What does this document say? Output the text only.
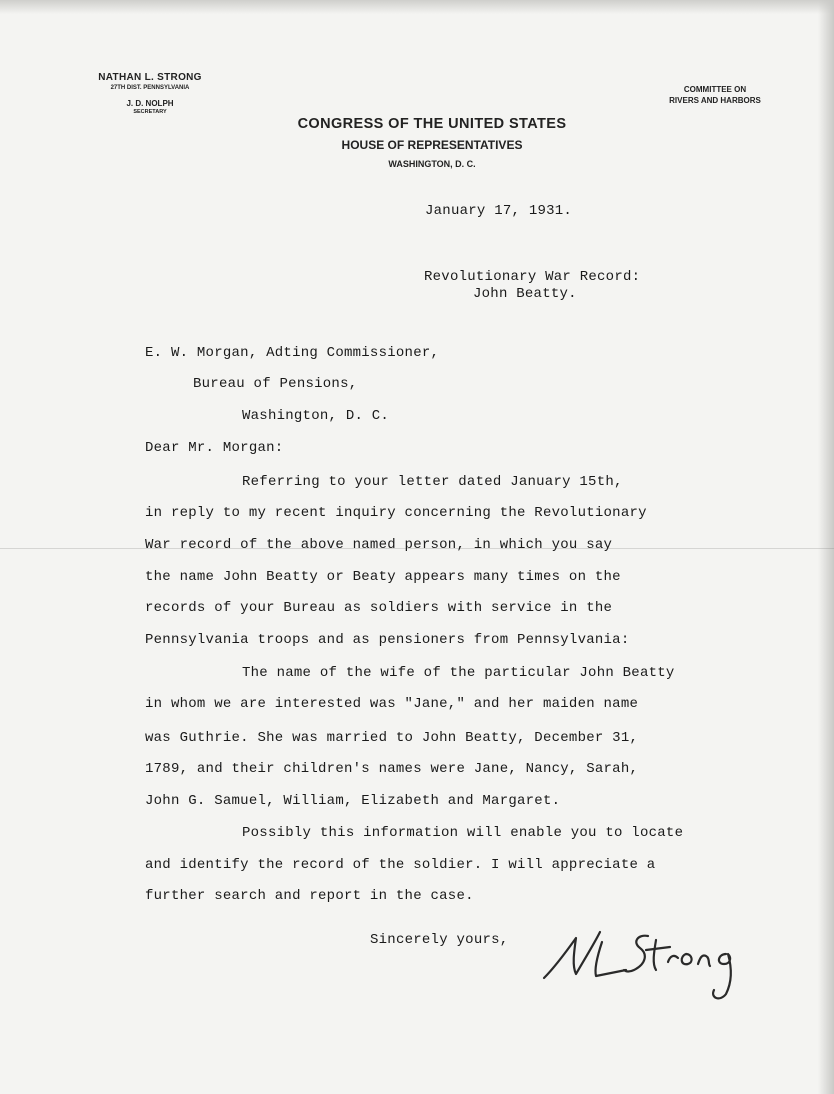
NATHAN L. STRONG
27TH DIST. PENNSYLVANIA
J. D. NOLPH
SECRETARY
COMMITTEE ON
RIVERS AND HARBORS
CONGRESS OF THE UNITED STATES
HOUSE OF REPRESENTATIVES
WASHINGTON, D. C.
January 17, 1931.
Revolutionary War Record:
John Beatty.
E. W. Morgan, Adting Commissioner,
Bureau of Pensions,
Washington, D. C.
Dear Mr. Morgan:
Referring to your letter dated January 15th,
in reply to my recent inquiry concerning the Revolutionary
War record of the above named person, in which you say
the name John Beatty or Beaty appears many times on the
records of your Bureau as soldiers with service in the
Pennsylvania troops and as pensioners from Pennsylvania:
The name of the wife of the particular John Beatty
in whom we are interested was "Jane," and her maiden name
was Guthrie. She was married to John Beatty, December 31,
1789, and their children's names were Jane, Nancy, Sarah,
John G. Samuel, William, Elizabeth and Margaret.
Possibly this information will enable you to locate
and identify the record of the soldier. I will appreciate a
further search and report in the case.
Sincerely yours,
